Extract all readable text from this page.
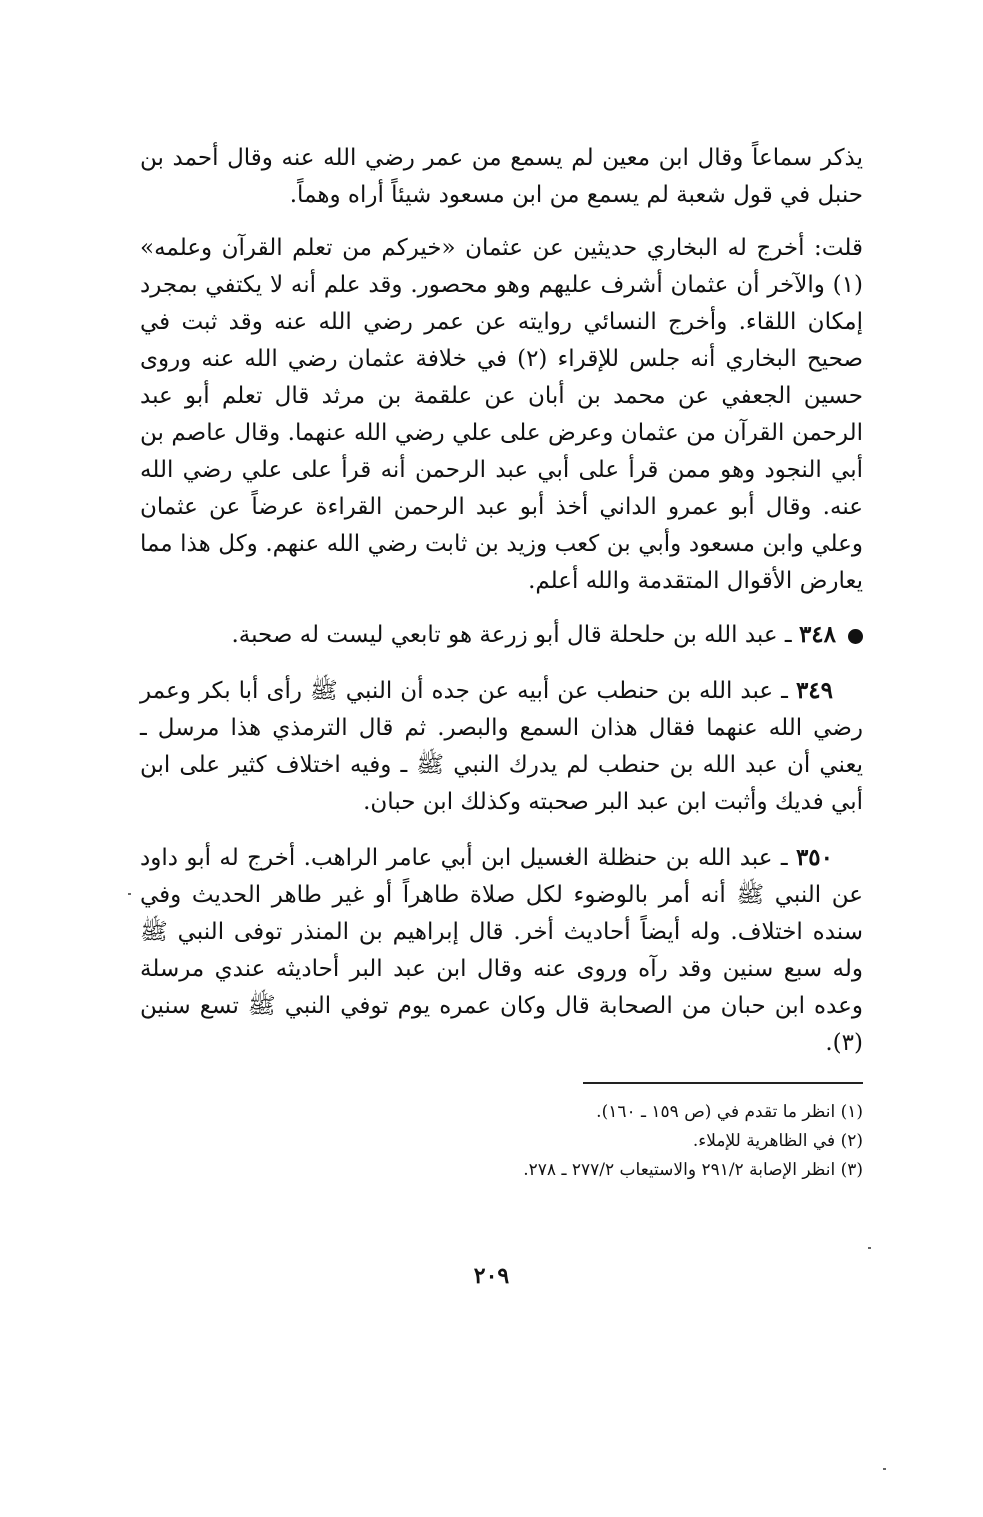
يذكر سماعاً وقال ابن معين لم يسمع من عمر رضي الله عنه وقال أحمد بن حنبل في قول شعبة لم يسمع من ابن مسعود شيئاً أراه وهماً.

قلت: أخرج له البخاري حديثين عن عثمان «خيركم من تعلم القرآن وعلمه» (١) والآخر أن عثمان أشرف عليهم وهو محصور. وقد علم أنه لا يكتفي بمجرد إمكان اللقاء. وأخرج النسائي روايته عن عمر رضي الله عنه وقد ثبت في صحيح البخاري أنه جلس للإقراء (٢) في خلافة عثمان رضي الله عنه وروى حسين الجعفي عن محمد بن أبان عن علقمة بن مرثد قال تعلم أبو عبد الرحمن القرآن من عثمان وعرض على علي رضي الله عنهما. وقال عاصم بن أبي النجود وهو ممن قرأ على أبي عبد الرحمن أنه قرأ على علي رضي الله عنه. وقال أبو عمرو الداني أخذ أبو عبد الرحمن القراءة عرضاً عن عثمان وعلي وابن مسعود وأبي بن كعب وزيد بن ثابت رضي الله عنهم. وكل هذا مما يعارض الأقوال المتقدمة والله أعلم.

٣٤٨ ـ عبد الله بن حلحلة قال أبو زرعة هو تابعي ليست له صحبة.

٣٤٩ ـ عبد الله بن حنطب عن أبيه عن جده أن النبي ﷺ رأى أبا بكر وعمر رضي الله عنهما فقال هذان السمع والبصر. ثم قال الترمذي هذا مرسل ـ يعني أن عبد الله بن حنطب لم يدرك النبي ﷺ ـ وفيه اختلاف كثير على ابن أبي فديك وأثبت ابن عبد البر صحبته وكذلك ابن حبان.

٣٥٠ ـ عبد الله بن حنظلة الغسيل ابن أبي عامر الراهب. أخرج له أبو داود عن النبي ﷺ أنه أمر بالوضوء لكل صلاة طاهراً أو غير طاهر الحديث وفي سنده اختلاف. وله أيضاً أحاديث أخر. قال إبراهيم بن المنذر توفى النبي ﷺ وله سبع سنين وقد رآه وروى عنه وقال ابن عبد البر أحاديثه عندي مرسلة وعده ابن حبان من الصحابة قال وكان عمره يوم توفي النبي ﷺ تسع سنين (٣).

(١) انظر ما تقدم في (ص ١٥٩ ـ ١٦٠).

(٢) في الظاهرية للإملاء.

(٣) انظر الإصابة ٢٩١/٢ والاستيعاب ٢٧٧/٢ ـ ٢٧٨.

٢٠٩
